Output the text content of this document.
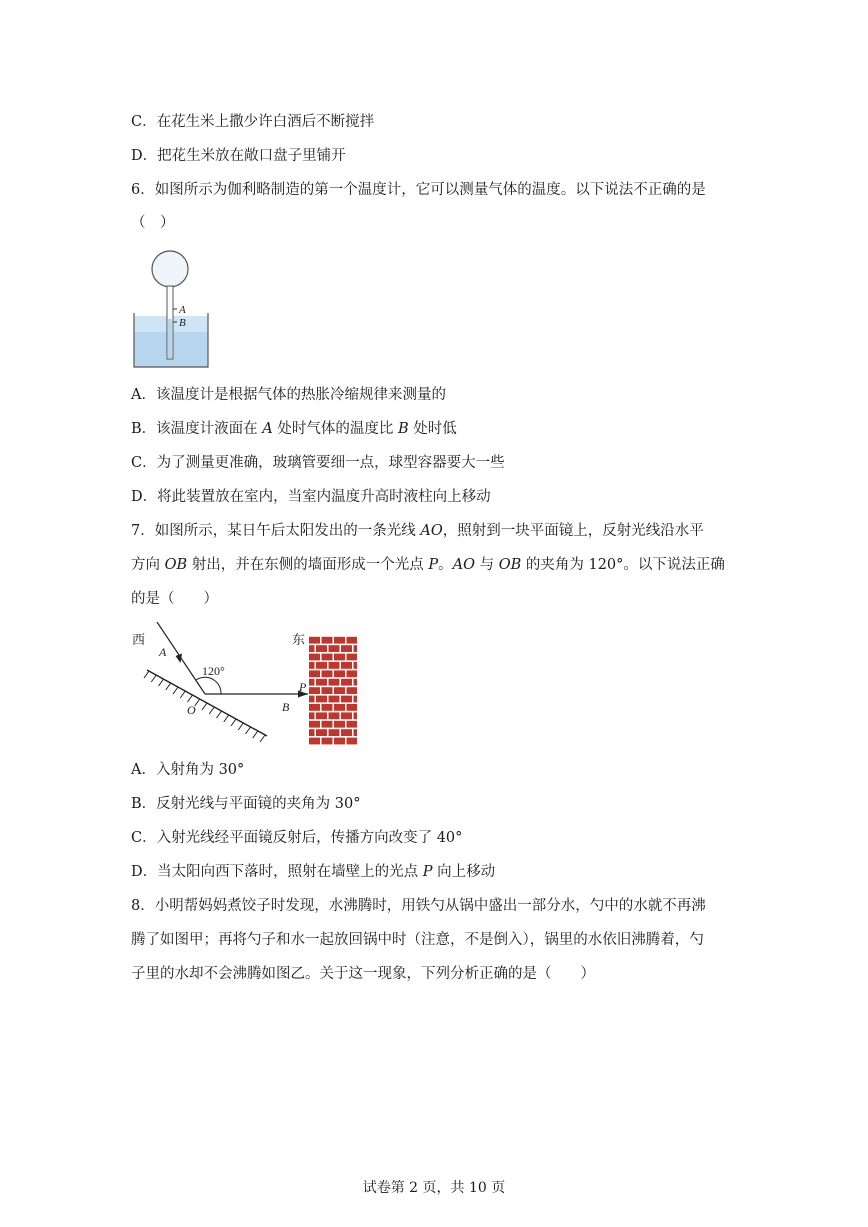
C．在花生米上撒少许白酒后不断搅拌
D．把花生米放在敞口盘子里铺开
6．如图所示为伽利略制造的第一个温度计，它可以测量气体的温度。以下说法不正确的是
（　）
A
B
A．该温度计是根据气体的热胀冷缩规律来测量的
B．该温度计液面在 A 处时气体的温度比 B 处时低
C．为了测量更准确，玻璃管要细一点，球型容器要大一些
D．将此装置放在室内，当室内温度升高时液柱向上移动
7．如图所示，某日午后太阳发出的一条光线 AO，照射到一块平面镜上，反射光线沿水平
方向 OB 射出，并在东侧的墙面形成一个光点 P。AO 与 OB 的夹角为 120°。以下说法正确
的是（　　）
西	东
120°
A
O	B
P
A．入射角为 30°
B．反射光线与平面镜的夹角为 30°
C．入射光线经平面镜反射后，传播方向改变了 40°
D．当太阳向西下落时，照射在墙壁上的光点 P 向上移动
8．小明帮妈妈煮饺子时发现，水沸腾时，用铁勺从锅中盛出一部分水，勺中的水就不再沸
腾了如图甲；再将勺子和水一起放回锅中时（注意，不是倒入），锅里的水依旧沸腾着，勺
子里的水却不会沸腾如图乙。关于这一现象，下列分析正确的是（　　）
试卷第 2 页，共 10 页
